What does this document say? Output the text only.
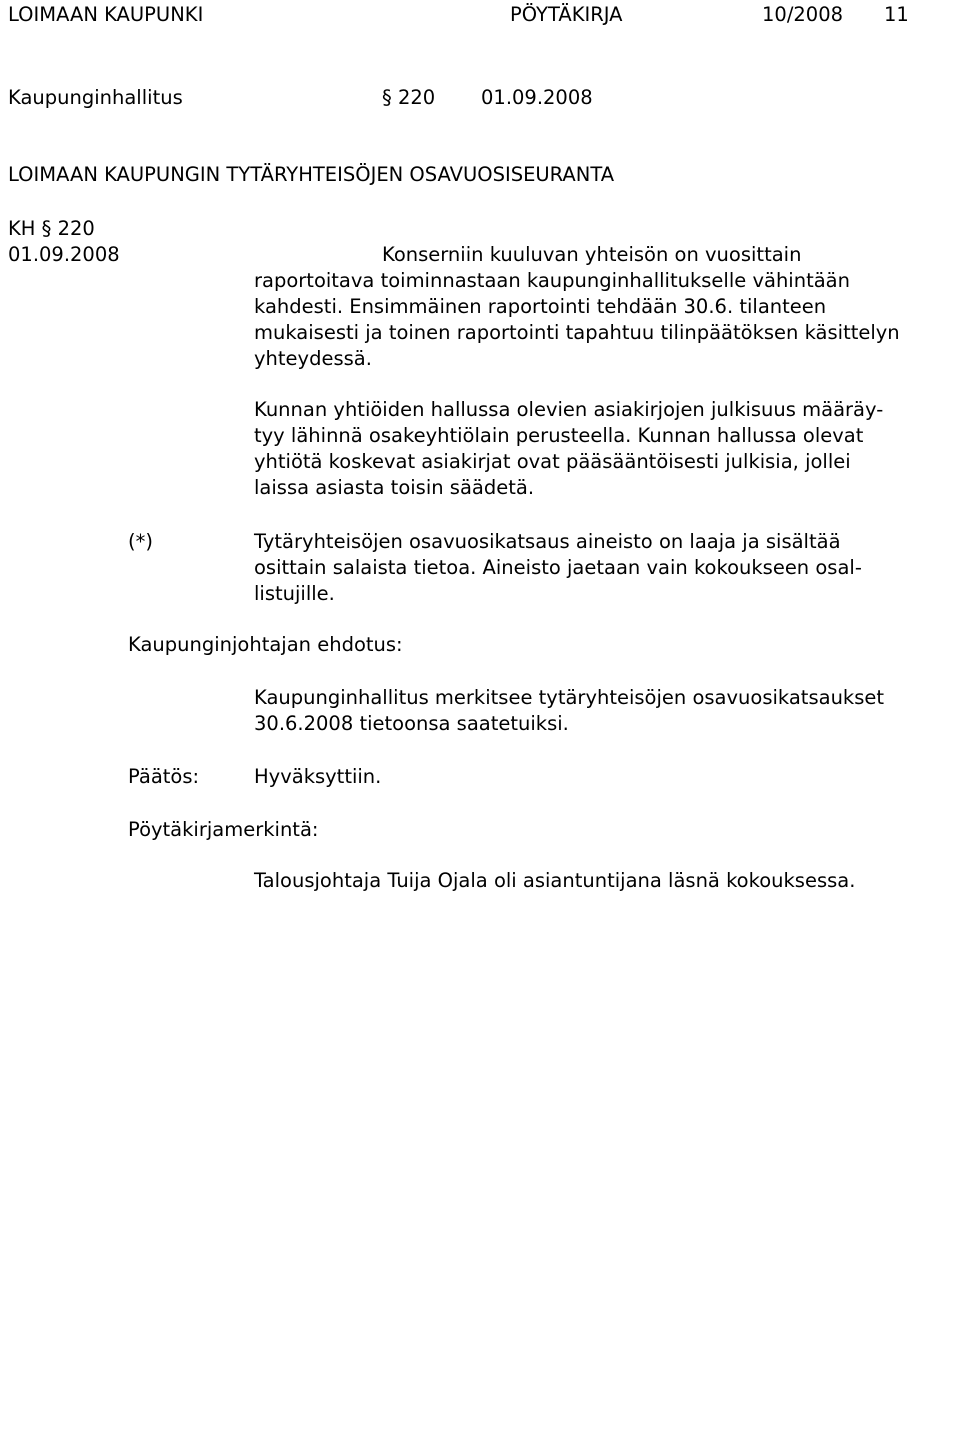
LOIMAAN KAUPUNKI	PÖYTÄKIRJA	10/2008 11
Kaupunginhallitus	§ 220 01.09.2008
LOIMAAN KAUPUNGIN TYTÄRYHTEISÖJEN OSAVUOSISEURANTA
KH § 220
01.09.2008	Konserniin kuuluvan yhteisön on vuosittain

raportoitava toiminnastaan kaupunginhallitukselle vähintään

kahdesti. Ensimmäinen raportointi tehdään 30.6. tilanteen

mukaisesti ja toinen raportointi tapahtuu tilinpäätöksen käsittelyn

yhteydessä.

Kunnan yhtiöiden hallussa olevien asiakirjojen julkisuus määräy-

tyy lähinnä osakeyhtiölain perusteella. Kunnan hallussa olevat

yhtiötä koskevat asiakirjat ovat pääsääntöisesti julkisia, jollei

laissa asiasta toisin säädetä.

(*)	Tytäryhteisöjen osavuosikatsaus aineisto on laaja ja sisältää

osittain salaista tietoa. Aineisto jaetaan vain kokoukseen osal-

listujille.

Kaupunginjohtajan ehdotus:

Kaupunginhallitus merkitsee tytäryhteisöjen osavuosikatsaukset

30.6.2008 tietoonsa saatetuiksi.

Päätös:	Hyväksyttiin.
Pöytäkirjamerkintä:
Talousjohtaja Tuija Ojala oli asiantuntijana läsnä kokouksessa.
